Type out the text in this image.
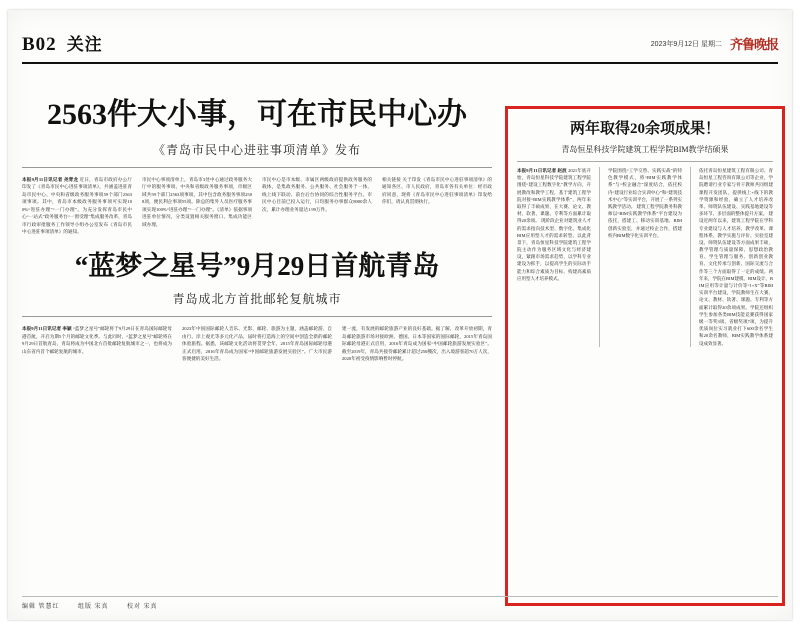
B02 关注	2023年9月12日 星期二 齐鲁晚报
2563件大小事，可在市民中心办
《青岛市民中心进驻事项清单》发布
本报9月11日讯记者 尧青龙 近日，青岛市政府办公厅印发了《青岛市民中心进驻事项清单》，共涵盖进驻青岛市民中心、中央和省级政务服务事项59个部门2563项事项。其中，青岛市本级政务服务事项可实现100%“进驻办理”“一门办理”。为充分发挥青岛市民中心“一站式”政务服务台“一窗受理”集成服务改革，青岛市行政审批服务工作领导小组办公室发布《青岛市民中心进驻事项清单》的通知。
市民中心事项清单上，青岛市3处中心通过政务服务大厅中的服务事项、中央和省级政务服务事项，市级区域共59个部门2563项事项，其中包含政务服务事项2508项，便民利企事项55项。除总的集外人员医疗服务事项实现100%“进驻办理”“一门办理”。《清单》依据事项进驻单位情况，分类设置相关服务窗口、集成功能区域办理。
市民中心是市本级、市属区两级政府提供政务服务的载体，是集政务服务、公共服务、社会服务于一体，线上线下联动、前台后台协同的综合性服务平台。市民中心目前已投入运行，日均服务办事群众8000余人次，累计办理业务量达1.99万件。
相关链接 关于印发《青岛市民中心进驻事项清单》的通知各区、市人民政府，青岛市各有关单位：经市政府同意，现将《青岛市民中心进驻事项清单》印发给你们，请认真贯彻执行。
“蓝梦之星号”9月29日首航青岛
青岛成北方首批邮轮复航城市
本报9月11日讯记者 李颖 “蓝梦之星号”邮轮将于9月29日在青岛国际邮轮母港首航，开启为期5个月的邮轮文化季。与此同时，“蓝梦之星号”邮轮将在9月29日首航青岛，青岛将成为中国北方首批邮轮复航城市之一，也将成为山东省内首个邮轮复航的城市。
2023年中国国际邮轮人音乐、光影、邮轮、旅游为主题，涵盖邮轮游、自由行、岸上观光等多元化产品，届时将打造海上的空间中创造全新的邮轮体验旅程。据悉，该邮轮文化活动将贯穿全年，2015年青岛国际邮轮母港正式启用，2016年青岛成为国家“中国邮轮旅游发展实验区”。广大市民游客便捷的美好生活。
建一流，有发展的邮轮旅游产业的良好基础。据了解，改革开放初期，青岛邮轮旅游市场对接欧洲、德国、日本等国家的国际邮轮，2015年青岛国际邮轮母港正式启用，2016年青岛成为国家“中国邮轮旅游发展实验区”。截至2019年，青岛共接待邮轮累计超过250艘次，出入境游客超70万人次，2020年初受疫情影响暂时停航。
两年取得20余项成果！
青岛恒星科技学院建筑工程学院BIM教学结硕果
本报9月11日讯记者 赵波 2021年底开始，青岛恒星科技学院建筑工程学院围绕“建设工程数字化”教学方向，开展教改和教学工程，基于建筑工程学院对接“BIM实践教学体系”，两年来取得了丰硕成果，在大赛、论文、教材、软著、课题、专利等方面累计取得20余项。 现阶段企业对建筑业人才的需求指向技术型、数字化、集成化BIM应用型人才的需求转型。以此背景下，青岛恒星科技学院建筑工程学院主动作为服务区域文化与经济建设，紧跟市场需求趋势，以学科专业建设为抓手，以提高学生的实际动手能力和综合素质为目标，构建高素质应用型人才培养模式。
学院围绕“工学交替、实践实战”的特色教学模式，将“BIM实践教学体系”与“校企融合”深度结合，依托校内“建设行业综合实训中心”和“建筑技术中心”等实训平台，开展了一系列实践教学活动。 建筑工程学院教务科教师以“BIM实践教学体系”平台建设为依托，搭建工、移动实训基地、BIM创新实验室，并通过校企合作，搭建校内BIM数字化实训平台。
依托青岛恒星建筑工程有限公司、青岛恒星工程咨询有限公司等企业，学院聘请行业专家与骨干教师共同组建课程开发团队，提供线上+线下的教学资源和经验，确立了人才培养改革、师资队伍建设、实践基地建设等多环节、多层面的整体提升方案。 建设近两年以来，建筑工程学院在学科专业建设与人才培养、教学改革、课程体系、教学实施与评价、实验室建设、师资队伍建设等方面成果丰硕，教学管理与质量保障、思想政治教育、学生管理与服务、创新创业教育、文化传承与创新、国际交流与合作等三个方面取得了一定的成绩。两年来，学院在BIM建模、BIM设计、BIM应用等计量与计价等“1+X”等BIM实训平台建设，学院教师生在大赛、论文、教材、软著、课题、专利等方面累计取得20余项成果。学院还组织学生参加各类BIM技能竞赛获得国家级一等奖3项、省级奖项7项，为提升优质岗位实习就业打下600余名学生和20余名教师，BIM实践教学体系建设成效显著。
编辑 管慧红	组版 宋真	校对 宋真
